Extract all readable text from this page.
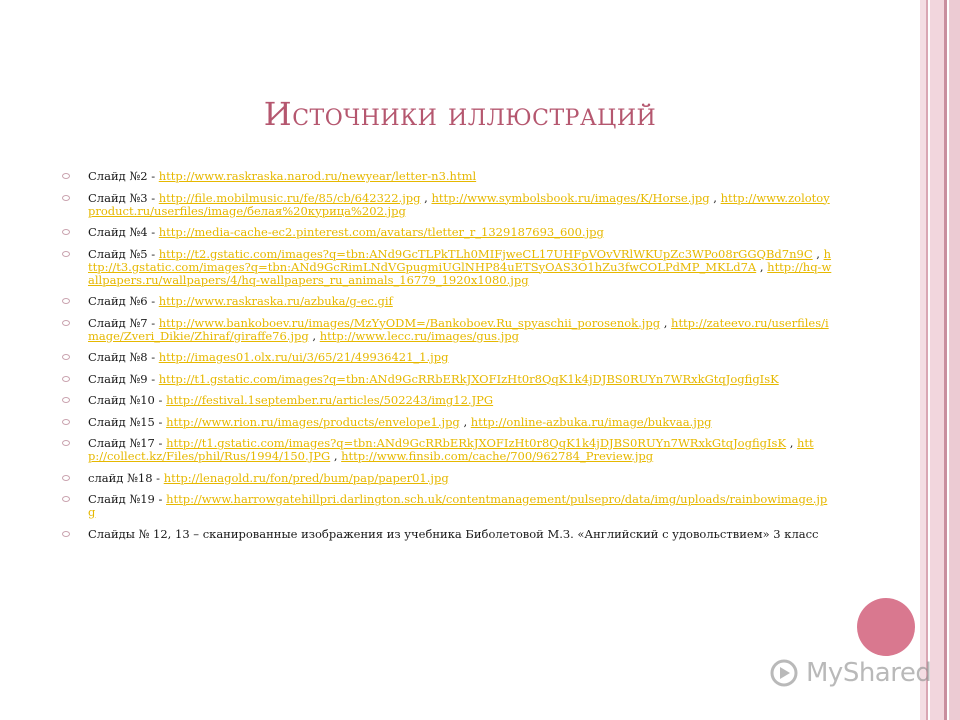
Источники иллюстраций
Слайд №2 - http://www.raskraska.narod.ru/newyear/letter-n3.html
Слайд №3 - http://file.mobilmusic.ru/fe/85/cb/642322.jpg , http://www.symbolsbook.ru/images/K/Horse.jpg , http://www.zolotoyproduct.ru/userfiles/image/белая%20курица%202.jpg
Слайд №4 - http://media-cache-ec2.pinterest.com/avatars/tletter_r_1329187693_600.jpg
Слайд №5 - http://t2.gstatic.com/images?q=tbn:ANd9GcTLPkTLh0MIFjweCL17UHFpVOvVRlWKUpZc3WPo08rGGQBd7n9C , http://t3.gstatic.com/images?q=tbn:ANd9GcRimLNdVGpugmiUGlNHP84uETSyOAS3O1hZu3fwCOLPdMP_MKLd7A , http://hq-wallpapers.ru/wallpapers/4/hq-wallpapers_ru_animals_16779_1920x1080.jpg
Слайд №6 - http://www.raskraska.ru/azbuka/g-ec.gif
Слайд №7 - http://www.bankoboev.ru/images/MzYyODM=/Bankoboev.Ru_spyaschii_porosenok.jpg , http://zateevo.ru/userfiles/image/Zveri_Dikie/Zhiraf/giraffe76.jpg , http://www.lecc.ru/images/gus.jpg
Слайд №8 - http://images01.olx.ru/ui/3/65/21/49936421_1.jpg
Слайд №9 - http://t1.gstatic.com/images?q=tbn:ANd9GcRRbERkJXOFIzHt0r8QqK1k4jDJBS0RUYn7WRxkGtqJogfigIsK
Слайд №10 - http://festival.1september.ru/articles/502243/img12.JPG
Слайд №15 - http://www.rion.ru/images/products/envelope1.jpg , http://online-azbuka.ru/image/bukvaa.jpg
Слайд №17 - http://t1.gstatic.com/images?q=tbn:ANd9GcRRbERkJXOFIzHt0r8QqK1k4jDJBS0RUYn7WRxkGtqJogfigIsK , http://collect.kz/Files/phil/Rus/1994/150.JPG , http://www.finsib.com/cache/700/962784_Preview.jpg
слайд №18 - http://lenagold.ru/fon/pred/bum/pap/paper01.jpg
Слайд №19 - http://www.harrowgatehillpri.darlington.sch.uk/contentmanagement/pulsepro/data/img/uploads/rainbowimage.jpg
Слайды № 12, 13 – сканированные изображения из учебника Биболетовой М.З. «Английский с удовольствием» 3 класс
MyShared
